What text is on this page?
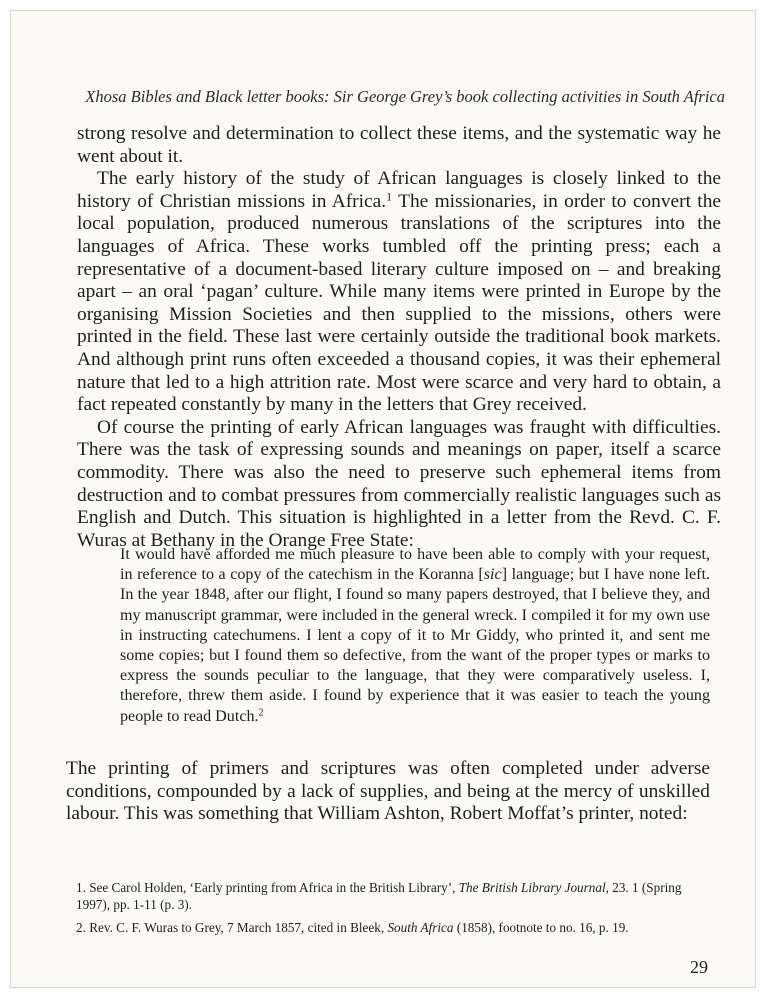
Xhosa Bibles and Black letter books: Sir George Grey’s book collecting activities in South Africa

strong resolve and determination to collect these items, and the systematic way he went about it.

The early history of the study of African languages is closely linked to the history of Christian missions in Africa.$^1$ The missionaries, in order to convert the local population, produced numerous translations of the scriptures into the languages of Africa. These works tumbled off the printing press; each a representative of a document-based literary culture imposed on – and breaking apart – an oral ‘pagan’ culture. While many items were printed in Europe by the organising Mission Societies and then supplied to the missions, others were printed in the field. These last were certainly outside the traditional book markets. And although print runs often exceeded a thousand copies, it was their ephemeral nature that led to a high attrition rate. Most were scarce and very hard to obtain, a fact repeated constantly by many in the letters that Grey received.

Of course the printing of early African languages was fraught with difficulties. There was the task of expressing sounds and meanings on paper, itself a scarce commodity. There was also the need to preserve such ephemeral items from destruction and to combat pressures from commercially realistic languages such as English and Dutch. This situation is highlighted in a letter from the Revd. C. F. Wuras at Bethany in the Orange Free State:

It would have afforded me much pleasure to have been able to comply with your request, in reference to a copy of the catechism in the Koranna [sic] language; but I have none left. In the year 1848, after our flight, I found so many papers destroyed, that I believe they, and my manuscript grammar, were included in the general wreck. I compiled it for my own use in instructing catechumens. I lent a copy of it to Mr Giddy, who printed it, and sent me some copies; but I found them so defective, from the want of the proper types or marks to express the sounds peculiar to the language, that they were comparatively useless. I, therefore, threw them aside. I found by experience that it was easier to teach the young people to read Dutch.$^2$

The printing of primers and scriptures was often completed under adverse conditions, compounded by a lack of supplies, and being at the mercy of unskilled labour. This was something that William Ashton, Robert Moffat’s printer, noted:

1. See Carol Holden, ‘Early printing from Africa in the British Library’, The British Library Journal, 23. 1 (Spring 1997), pp. 1-11 (p. 3).
2. Rev. C. F. Wuras to Grey, 7 March 1857, cited in Bleek, South Africa (1858), footnote to no. 16, p. 19.
29
